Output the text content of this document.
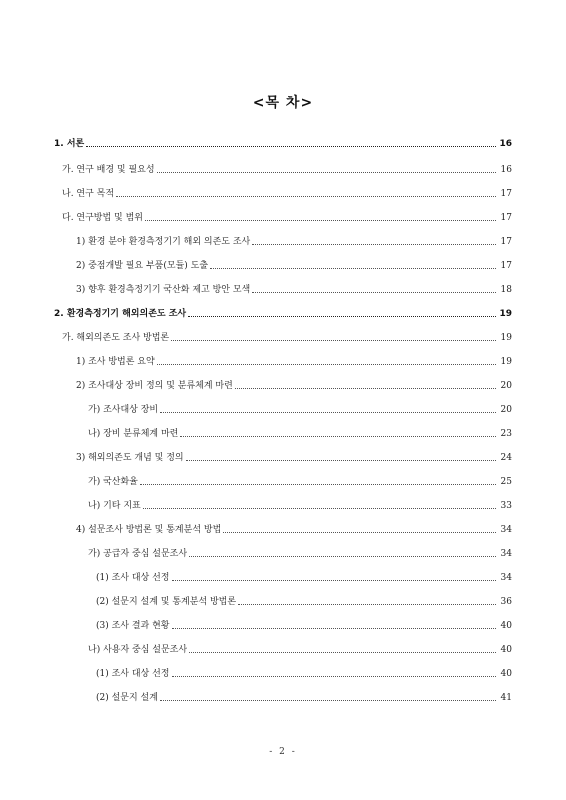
<목 차>
1. 서론	16
가. 연구 배경 및 필요성	16
나. 연구 목적	17
다. 연구방법 및 범위	17
1) 환경 분야 환경측정기기 해외 의존도 조사	17
2) 중점개발 필요 부품(모듈) 도출	17
3) 향후 환경측정기기 국산화 제고 방안 모색	18
2. 환경측정기기 해외의존도 조사	19
가. 해외의존도 조사 방법론	19
1) 조사 방법론 요약	19
2) 조사대상 장비 정의 및 분류체계 마련	20
가) 조사대상 장비	20
나) 장비 분류체계 마련	23
3) 해외의존도 개념 및 정의	24
가) 국산화율	25
나) 기타 지표	33
4) 설문조사 방법론 및 통계분석 방법	34
가) 공급자 중심 설문조사	34
(1) 조사 대상 선정	34
(2) 설문지 설계 및 통계분석 방법론	36
(3) 조사 결과 현황	40
나) 사용자 중심 설문조사	40
(1) 조사 대상 선정	40
(2) 설문지 설계	41
- 2 -
